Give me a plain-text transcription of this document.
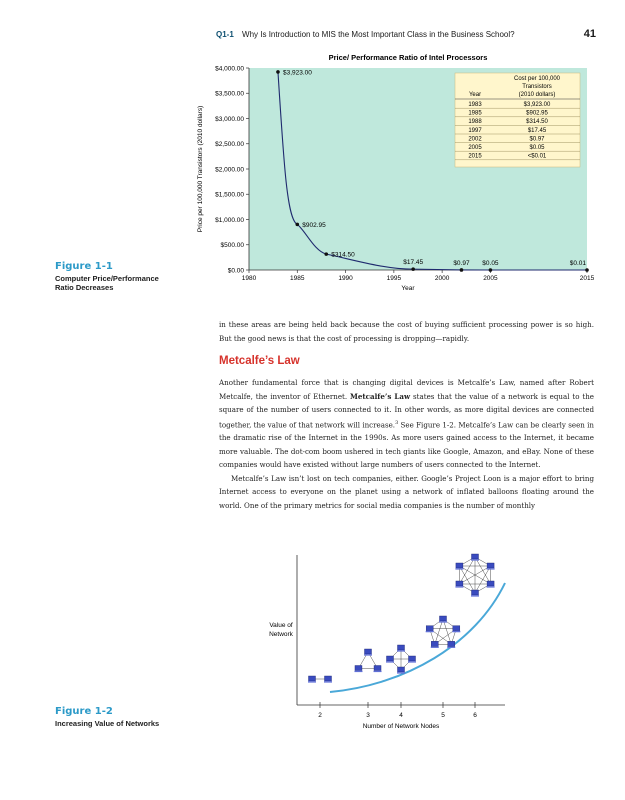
Q1-1 Why Is Introduction to MIS the Most Important Class in the Business School?	41
Price/ Performance Ratio of Intel Processors
Price per 100,000 Transistors (2010 dollars)
Year
$0.00
$500.00
$1,000.00
$1,500.00
$2,000.00
$2,500.00
$3,000.00
$3,500.00
$4,000.00
1980	1985	1990	1995	2000	2005	2015
$3,923.00
$902.95
$314.50
$17.45	$0.97 $0.05	$0.01
Cost per 100,000
Transistors
Year	(2010 dollars)
1983	$3,923.00
1985	$902.95
1988	$314.50
1997	$17.45
2002	$0.97
2005	$0.05
2015	<$0.01
Figure 1-1
Computer Price/Performance
Ratio Decreases

in these areas are being held back because the cost of buying sufficient processing power is so high. But the good news is that the cost of processing is dropping—rapidly.

Metcalfe’s Law

Another fundamental force that is changing digital devices is Metcalfe’s Law, named after Robert Metcalfe, the inventor of Ethernet. Metcalfe’s Law states that the value of a network is equal to the square of the number of users connected to it. In other words, as more digital devices are connected together, the value of that network will increase.$^3$ See Figure 1-2. Metcalfe’s Law can be clearly seen in the dramatic rise of the Internet in the 1990s. As more users gained access to the Internet, it became more valuable. The dot-com boom ushered in tech giants like Google, Amazon, and eBay. None of these companies would have existed without large numbers of users connected to the Internet.

Metcalfe’s Law isn’t lost on tech companies, either. Google’s Project Loon is a major effort to bring Internet access to everyone on the planet using a network of inflated balloons floating around the world. One of the primary metrics for social media companies is the number of monthly

Value of
Network
Number of Network Nodes
2	3	4	5	6
Figure 1-2
Increasing Value of Networks
